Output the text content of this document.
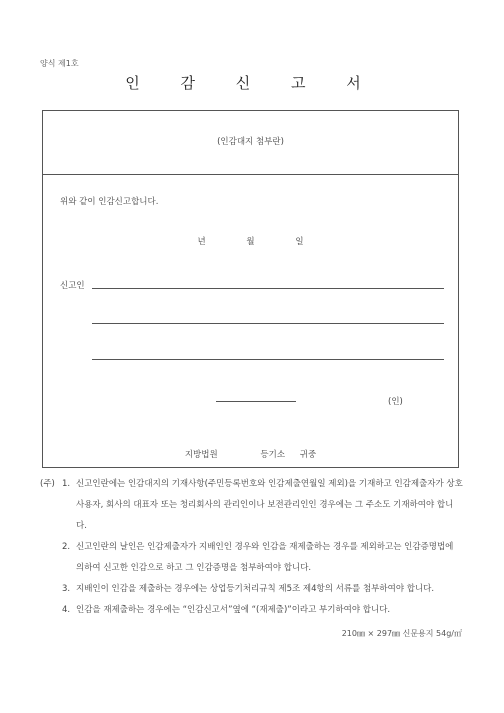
양식 제1호
인 감 신 고 서
(인감대지 첨부란)
위와 같이 인감신고합니다.
년	월	일
신고인
(인)
지방법원	등기소 귀중
(주) 1. 신고인란에는 인감대지의 기재사항(주민등록번호와 인감제출연월일 제외)을 기재하고 인감제출자가 상호사용자, 회사의 대표자 또는 청리회사의 관리인이나 보전관리인인 경우에는 그 주소도 기재하여야 합니다.
2. 신고인란의 날인은 인감제출자가 지배인인 경우와 인감을 재제출하는 경우를 제외하고는 인감증명법에 의하여 신고한 인감으로 하고 그 인감증명을 첨부하여야 합니다.
3. 지배인이 인감을 제출하는 경우에는 상업등기처리규칙 제5조 제4항의 서류를 첨부하여야 합니다.
4. 인감을 재제출하는 경우에는 “인감신고서”옆에 “(재제출)”이라고 부기하여야 합니다.
210㎜ × 297㎜ 신문용지 54g/㎡
